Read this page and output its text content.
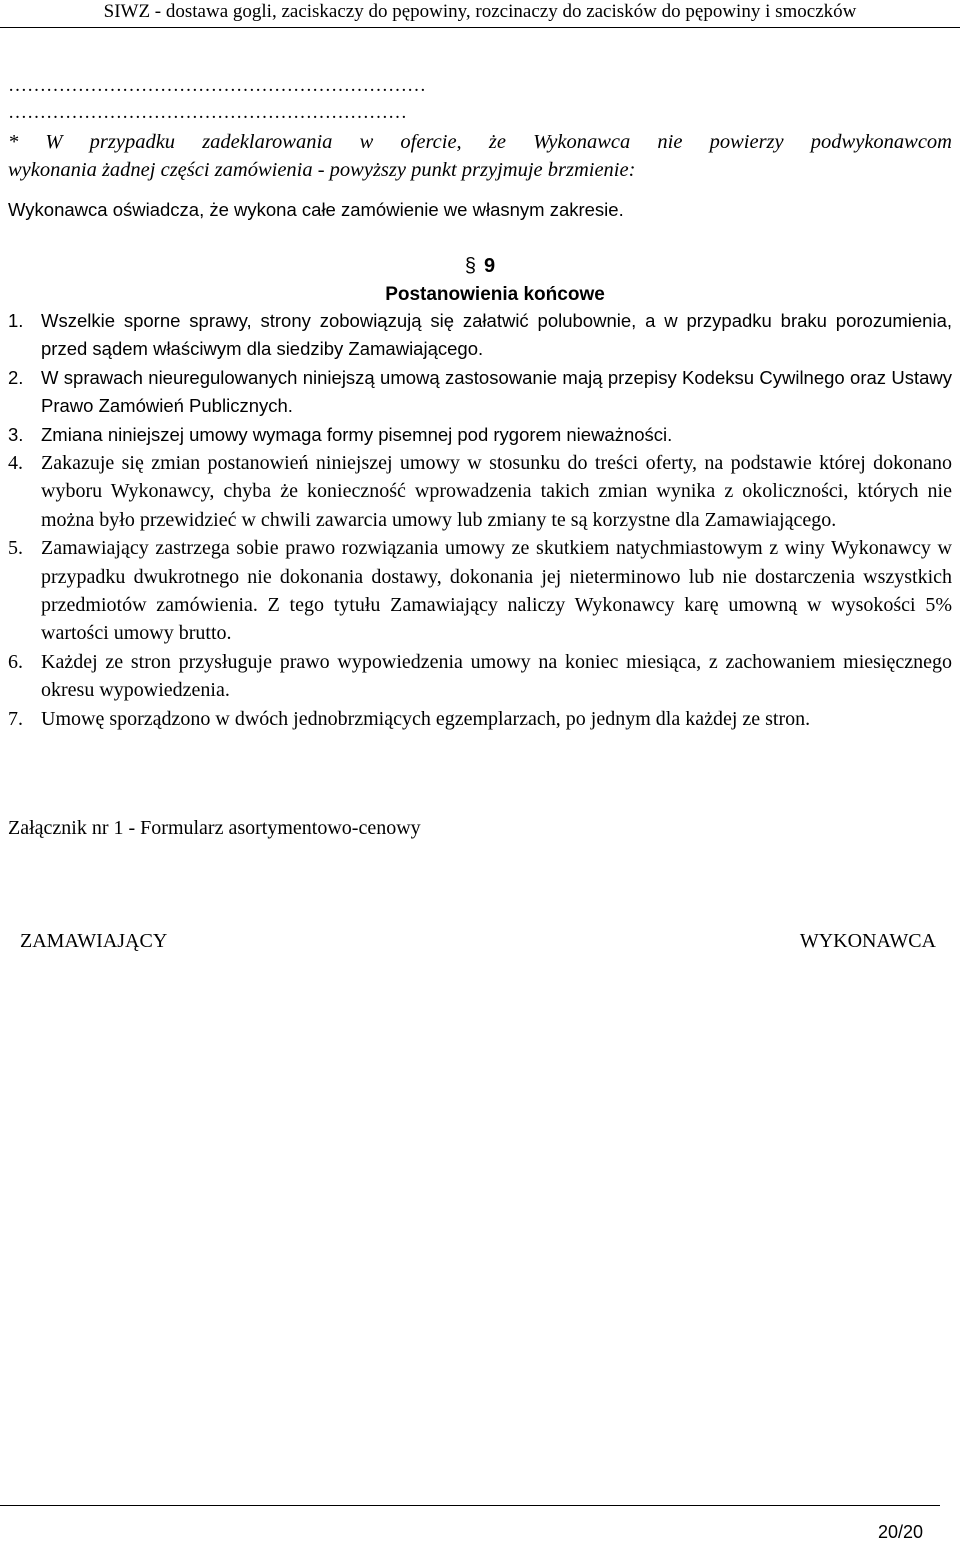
SIWZ - dostawa gogli, zaciskaczy do pępowiny, rozcinaczy do zacisków do pępowiny i smoczków
…………………………………………………………
………………………………………………………
* W przypadku zadeklarowania w ofercie, że Wykonawca nie powierzy podwykonawcom
wykonania żadnej części zamówienia - powyższy punkt przyjmuje brzmienie:
Wykonawca oświadcza, że wykona całe zamówienie we własnym zakresie.
§ 9
Postanowienia końcowe
1. Wszelkie sporne sprawy, strony zobowiązują się załatwić polubownie, a w przypadku braku porozumienia, przed sądem właściwym dla siedziby Zamawiającego.
2. W sprawach nieuregulowanych niniejszą umową zastosowanie mają przepisy Kodeksu Cywilnego oraz Ustawy Prawo Zamówień Publicznych.
3. Zmiana niniejszej umowy wymaga formy pisemnej pod rygorem nieważności.
4. Zakazuje się zmian postanowień niniejszej umowy w stosunku do treści oferty, na podstawie której dokonano wyboru Wykonawcy, chyba że konieczność wprowadzenia takich zmian wynika z okoliczności, których nie można było przewidzieć w chwili zawarcia umowy lub zmiany te są korzystne dla Zamawiającego.
5. Zamawiający zastrzega sobie prawo rozwiązania umowy ze skutkiem natychmiastowym z winy Wykonawcy w przypadku dwukrotnego nie dokonania dostawy, dokonania jej nieterminowo lub nie dostarczenia wszystkich przedmiotów zamówienia. Z tego tytułu Zamawiający naliczy Wykonawcy karę umowną w wysokości 5% wartości umowy brutto.
6. Każdej ze stron przysługuje prawo wypowiedzenia umowy na koniec miesiąca, z zachowaniem miesięcznego okresu wypowiedzenia.
7. Umowę sporządzono w dwóch jednobrzmiących egzemplarzach, po jednym dla każdej ze stron.
Załącznik nr 1 - Formularz asortymentowo-cenowy
ZAMAWIAJĄCY	WYKONAWCA
20/20
